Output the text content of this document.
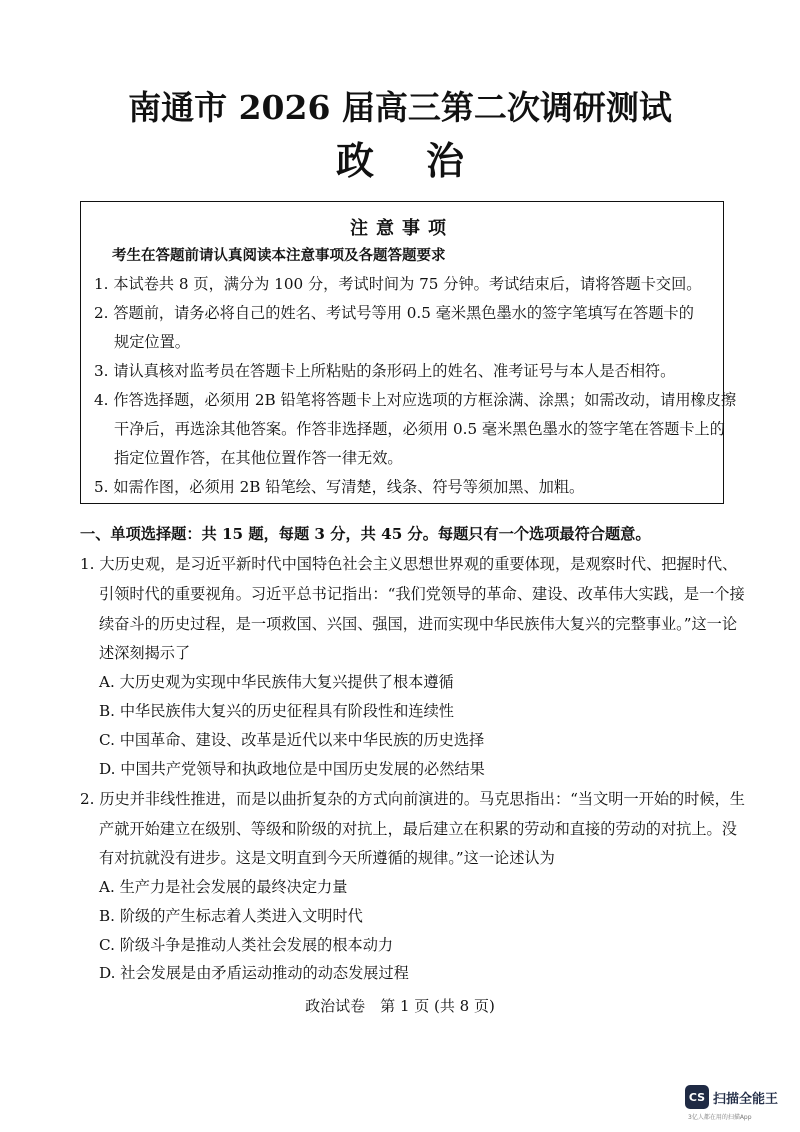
南通市 2026 届高三第二次调研测试
政治
注意事项
考生在答题前请认真阅读本注意事项及各题答题要求
1. 本试卷共 8 页，满分为 100 分，考试时间为 75 分钟。考试结束后，请将答题卡交回。
2. 答题前，请务必将自己的姓名、考试号等用 0.5 毫米黑色墨水的签字笔填写在答题卡的
规定位置。
3. 请认真核对监考员在答题卡上所粘贴的条形码上的姓名、准考证号与本人是否相符。
4. 作答选择题，必须用 2B 铅笔将答题卡上对应选项的方框涂满、涂黑；如需改动，请用橡皮擦
干净后，再选涂其他答案。作答非选择题，必须用 0.5 毫米黑色墨水的签字笔在答题卡上的
指定位置作答，在其他位置作答一律无效。
5. 如需作图，必须用 2B 铅笔绘、写清楚，线条、符号等须加黑、加粗。
一、单项选择题：共 15 题，每题 3 分，共 45 分。每题只有一个选项最符合题意。
1. 大历史观，是习近平新时代中国特色社会主义思想世界观的重要体现，是观察时代、把握时代、
引领时代的重要视角。习近平总书记指出：“我们党领导的革命、建设、改革伟大实践，是一个接
续奋斗的历史过程，是一项救国、兴国、强国，进而实现中华民族伟大复兴的完整事业。”这一论
述深刻揭示了
A. 大历史观为实现中华民族伟大复兴提供了根本遵循
B. 中华民族伟大复兴的历史征程具有阶段性和连续性
C. 中国革命、建设、改革是近代以来中华民族的历史选择
D. 中国共产党领导和执政地位是中国历史发展的必然结果
2. 历史并非线性推进，而是以曲折复杂的方式向前演进的。马克思指出：“当文明一开始的时候，生
产就开始建立在级别、等级和阶级的对抗上，最后建立在积累的劳动和直接的劳动的对抗上。没
有对抗就没有进步。这是文明直到今天所遵循的规律。”这一论述认为
A. 生产力是社会发展的最终决定力量
B. 阶级的产生标志着人类进入文明时代
C. 阶级斗争是推动人类社会发展的根本动力
D. 社会发展是由矛盾运动推动的动态发展过程
政治试卷　第 1 页 (共 8 页)
CS 扫描全能王
3亿人都在用的扫描App
